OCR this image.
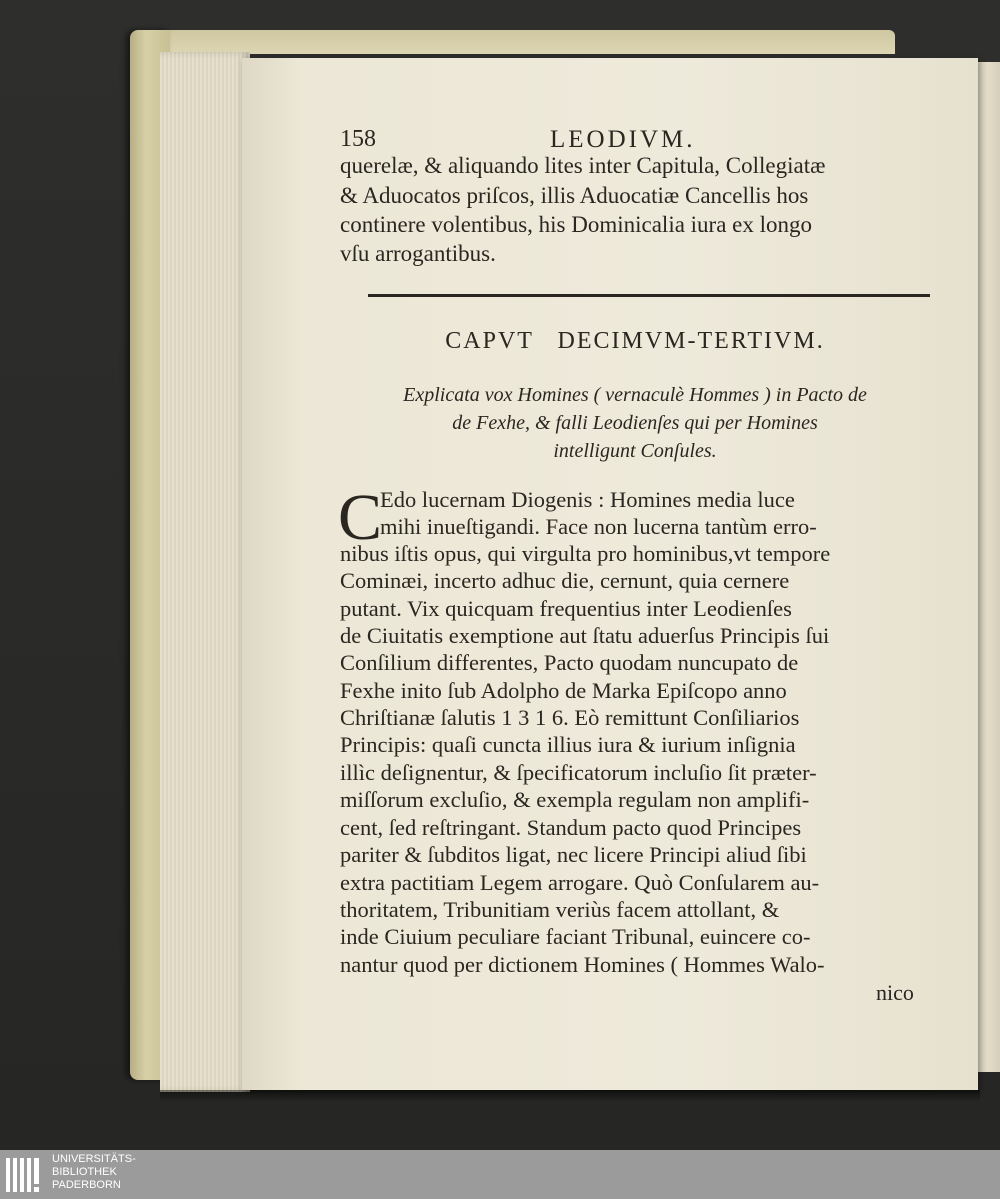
158	LEODIVM.
querelæ, & aliquando lites inter Capitula, Collegiatæ
& Aduocatos priſcos, illis Aduocatiæ Cancellis hos
continere volentibus, his Dominicalia iura ex longo
vſu arrogantibus.
CAPVT   DECIMVM-TERTIVM.
Explicata vox Homines ( vernaculè Hommes ) in Pacto de
de Fexhe, & falli Leodienſes qui per Homines
intelligunt Conſules.
C
Edo lucernam Diogenis : Homines media luce
mihi inueſtigandi. Face non lucerna tantùm erro-
nibus iſtis opus, qui virgulta pro hominibus,vt tempore
Cominæi, incerto adhuc die, cernunt, quia cernere
putant. Vix quicquam frequentius inter Leodienſes
de Ciuitatis exemptione aut ſtatu aduerſus Principis ſui
Conſilium differentes, Pacto quodam nuncupato de
Fexhe inito ſub Adolpho de Marka Epiſcopo anno
Chriſtianæ ſalutis 1 3 1 6. Eò remittunt Conſiliarios
Principis: quaſi cuncta illius iura & iurium inſignia
illìc deſignentur, & ſpecificatorum incluſio ſit præter-
miſſorum excluſio, & exempla regulam non amplifi-
cent, ſed reſtringant. Standum pacto quod Principes
pariter & ſubditos ligat, nec licere Principi aliud ſibi
extra pactitiam Legem arrogare. Quò Conſularem au-
thoritatem, Tribunitiam veriùs facem attollant, &
inde Ciuium peculiare faciant Tribunal, euincere co-
nantur quod per dictionem Homines ( Hommes Walo-
nico
UNIVERSITÄTS-
BIBLIOTHEK
PADERBORN
